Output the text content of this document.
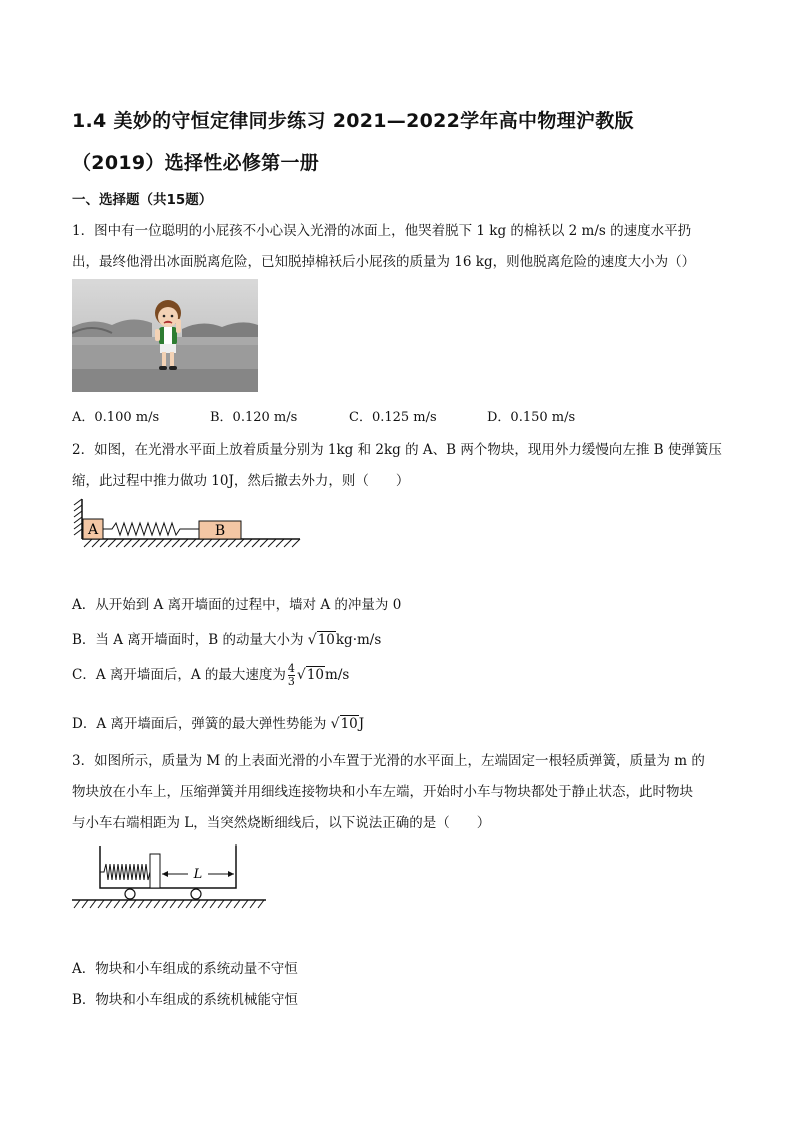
1.4 美妙的守恒定律同步练习 2021—2022学年高中物理沪教版
（2019）选择性必修第一册
一、选择题（共15题）
1．图中有一位聪明的小屁孩不小心误入光滑的冰面上，他哭着脱下 1 kg 的棉袄以 2 m/s 的速度水平扔
出，最终他滑出冰面脱离危险，已知脱掉棉袄后小屁孩的质量为 16 kg，则他脱离危险的速度大小为（）
A．0.100 m/s	B．0.120 m/s	C．0.125 m/s	D．0.150 m/s
2．如图，在光滑水平面上放着质量分别为 1kg 和 2kg 的 A、B 两个物块，现用外力缓慢向左推 B 使弹簧压
缩，此过程中推力做功 10J，然后撤去外力，则（　　）
A	B
A．从开始到 A 离开墙面的过程中，墙对 A 的冲量为 0
B．当 A 离开墙面时，B 的动量大小为 √10kg·m/s
C．A 离开墙面后，A 的最大速度为 $\frac{4}{3} √10m/s$
D．A 离开墙面后，弹簧的最大弹性势能为 √10J
3．如图所示，质量为 M 的上表面光滑的小车置于光滑的水平面上，左端固定一根轻质弹簧，质量为 m 的
物块放在小车上，压缩弹簧并用细线连接物块和小车左端，开始时小车与物块都处于静止状态，此时物块
与小车右端相距为 L，当突然烧断细线后，以下说法正确的是（　　）
L
A．物块和小车组成的系统动量不守恒
B．物块和小车组成的系统机械能守恒
